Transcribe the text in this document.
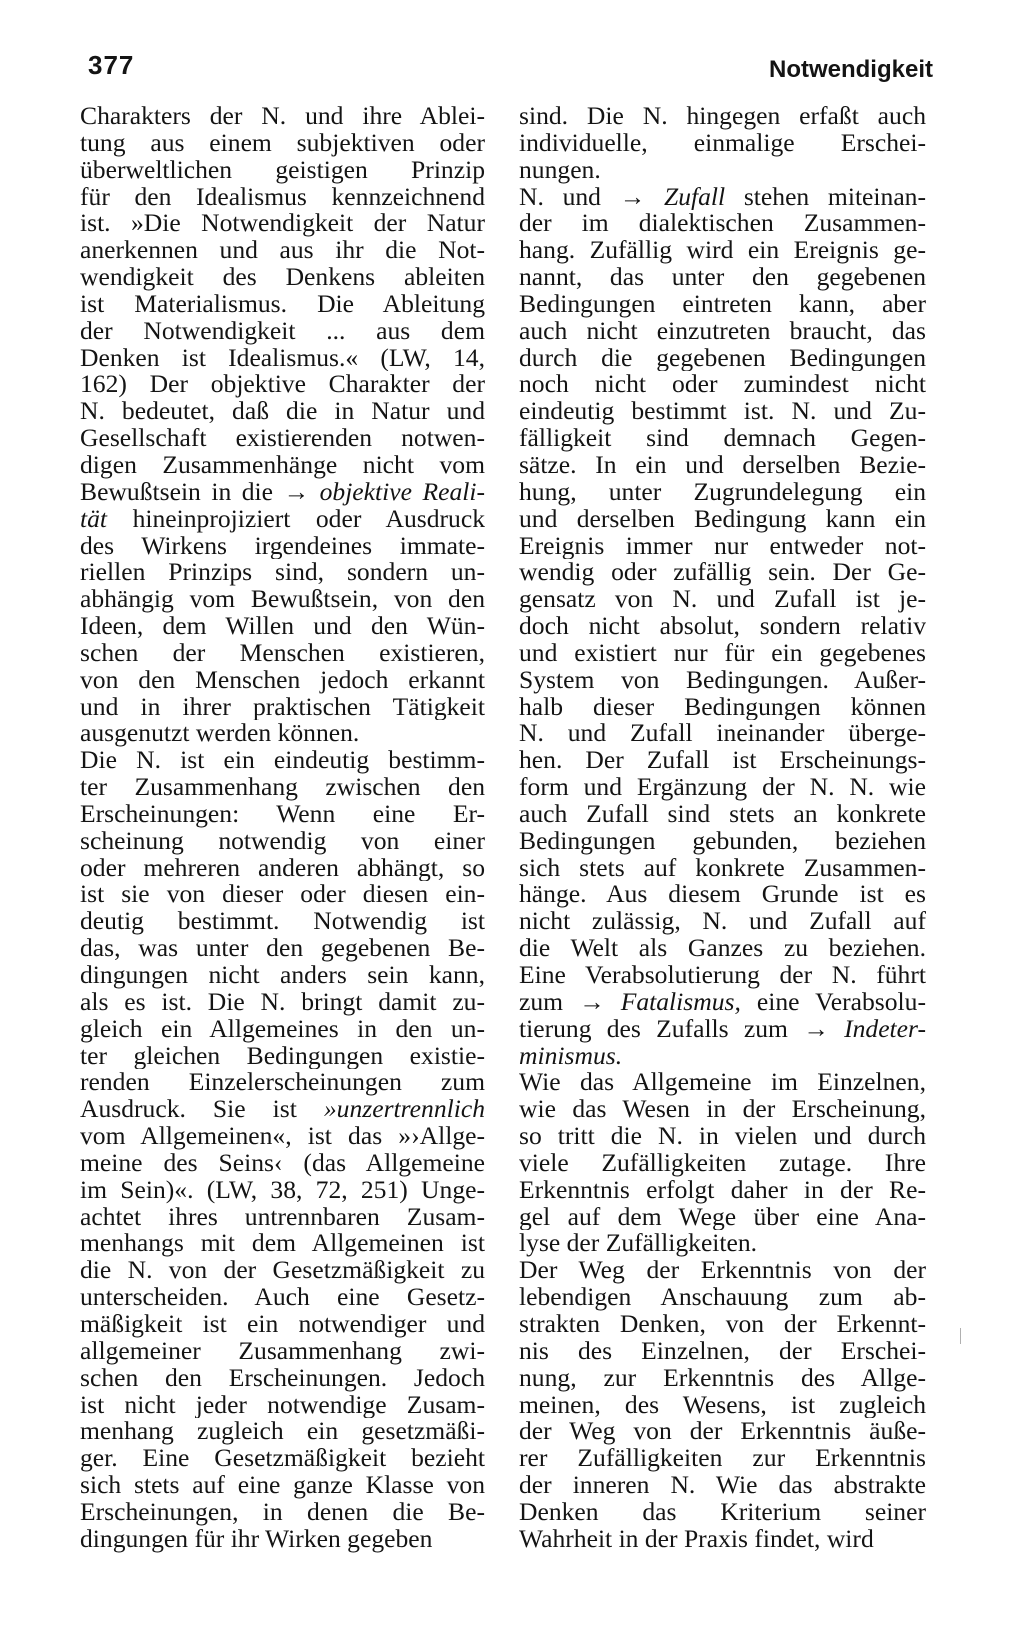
377	Notwendigkeit
Charakters der N. und ihre Ablei-
tung aus einem subjektiven oder
überweltlichen geistigen Prinzip
für den Idealismus kennzeichnend
ist. »Die Notwendigkeit der Natur
anerkennen und aus ihr die Not-
wendigkeit des Denkens ableiten
ist Materialismus. Die Ableitung
der Notwendigkeit ... aus dem
Denken ist Idealismus.« (LW, 14,
162) Der objektive Charakter der
N. bedeutet, daß die in Natur und
Gesellschaft existierenden notwen-
digen Zusammenhänge nicht vom
Bewußtsein in die → objektive Reali-
tät hineinprojiziert oder Ausdruck
des Wirkens irgendeines immate-
riellen Prinzips sind, sondern un-
abhängig vom Bewußtsein, von den
Ideen, dem Willen und den Wün-
schen der Menschen existieren,
von den Menschen jedoch erkannt
und in ihrer praktischen Tätigkeit
ausgenutzt werden können.
Die N. ist ein eindeutig bestimm-
ter Zusammenhang zwischen den
Erscheinungen: Wenn eine Er-
scheinung notwendig von einer
oder mehreren anderen abhängt, so
ist sie von dieser oder diesen ein-
deutig bestimmt. Notwendig ist
das, was unter den gegebenen Be-
dingungen nicht anders sein kann,
als es ist. Die N. bringt damit zu-
gleich ein Allgemeines in den un-
ter gleichen Bedingungen existie-
renden Einzelerscheinungen zum
Ausdruck. Sie ist »unzertrennlich
vom Allgemeinen«, ist das »›Allge-
meine des Seins‹ (das Allgemeine
im Sein)«. (LW, 38, 72, 251) Unge-
achtet ihres untrennbaren Zusam-
menhangs mit dem Allgemeinen ist
die N. von der Gesetzmäßigkeit zu
unterscheiden. Auch eine Gesetz-
mäßigkeit ist ein notwendiger und
allgemeiner Zusammenhang zwi-
schen den Erscheinungen. Jedoch
ist nicht jeder notwendige Zusam-
menhang zugleich ein gesetzmäßi-
ger. Eine Gesetzmäßigkeit bezieht
sich stets auf eine ganze Klasse von
Erscheinungen, in denen die Be-
dingungen für ihr Wirken gegeben
sind. Die N. hingegen erfaßt auch
individuelle, einmalige Erschei-
nungen.
N. und → Zufall stehen miteinan-
der im dialektischen Zusammen-
hang. Zufällig wird ein Ereignis ge-
nannt, das unter den gegebenen
Bedingungen eintreten kann, aber
auch nicht einzutreten braucht, das
durch die gegebenen Bedingungen
noch nicht oder zumindest nicht
eindeutig bestimmt ist. N. und Zu-
fälligkeit sind demnach Gegen-
sätze. In ein und derselben Bezie-
hung, unter Zugrundelegung ein
und derselben Bedingung kann ein
Ereignis immer nur entweder not-
wendig oder zufällig sein. Der Ge-
gensatz von N. und Zufall ist je-
doch nicht absolut, sondern relativ
und existiert nur für ein gegebenes
System von Bedingungen. Außer-
halb dieser Bedingungen können
N. und Zufall ineinander überge-
hen. Der Zufall ist Erscheinungs-
form und Ergänzung der N. N. wie
auch Zufall sind stets an konkrete
Bedingungen gebunden, beziehen
sich stets auf konkrete Zusammen-
hänge. Aus diesem Grunde ist es
nicht zulässig, N. und Zufall auf
die Welt als Ganzes zu beziehen.
Eine Verabsolutierung der N. führt
zum → Fatalismus, eine Verabsolu-
tierung des Zufalls zum → Indeter-
minismus.
Wie das Allgemeine im Einzelnen,
wie das Wesen in der Erscheinung,
so tritt die N. in vielen und durch
viele Zufälligkeiten zutage. Ihre
Erkenntnis erfolgt daher in der Re-
gel auf dem Wege über eine Ana-
lyse der Zufälligkeiten.
Der Weg der Erkenntnis von der
lebendigen Anschauung zum ab-
strakten Denken, von der Erkennt-
nis des Einzelnen, der Erschei-
nung, zur Erkenntnis des Allge-
meinen, des Wesens, ist zugleich
der Weg von der Erkenntnis äuße-
rer Zufälligkeiten zur Erkenntnis
der inneren N. Wie das abstrakte
Denken das Kriterium seiner
Wahrheit in der Praxis findet, wird
